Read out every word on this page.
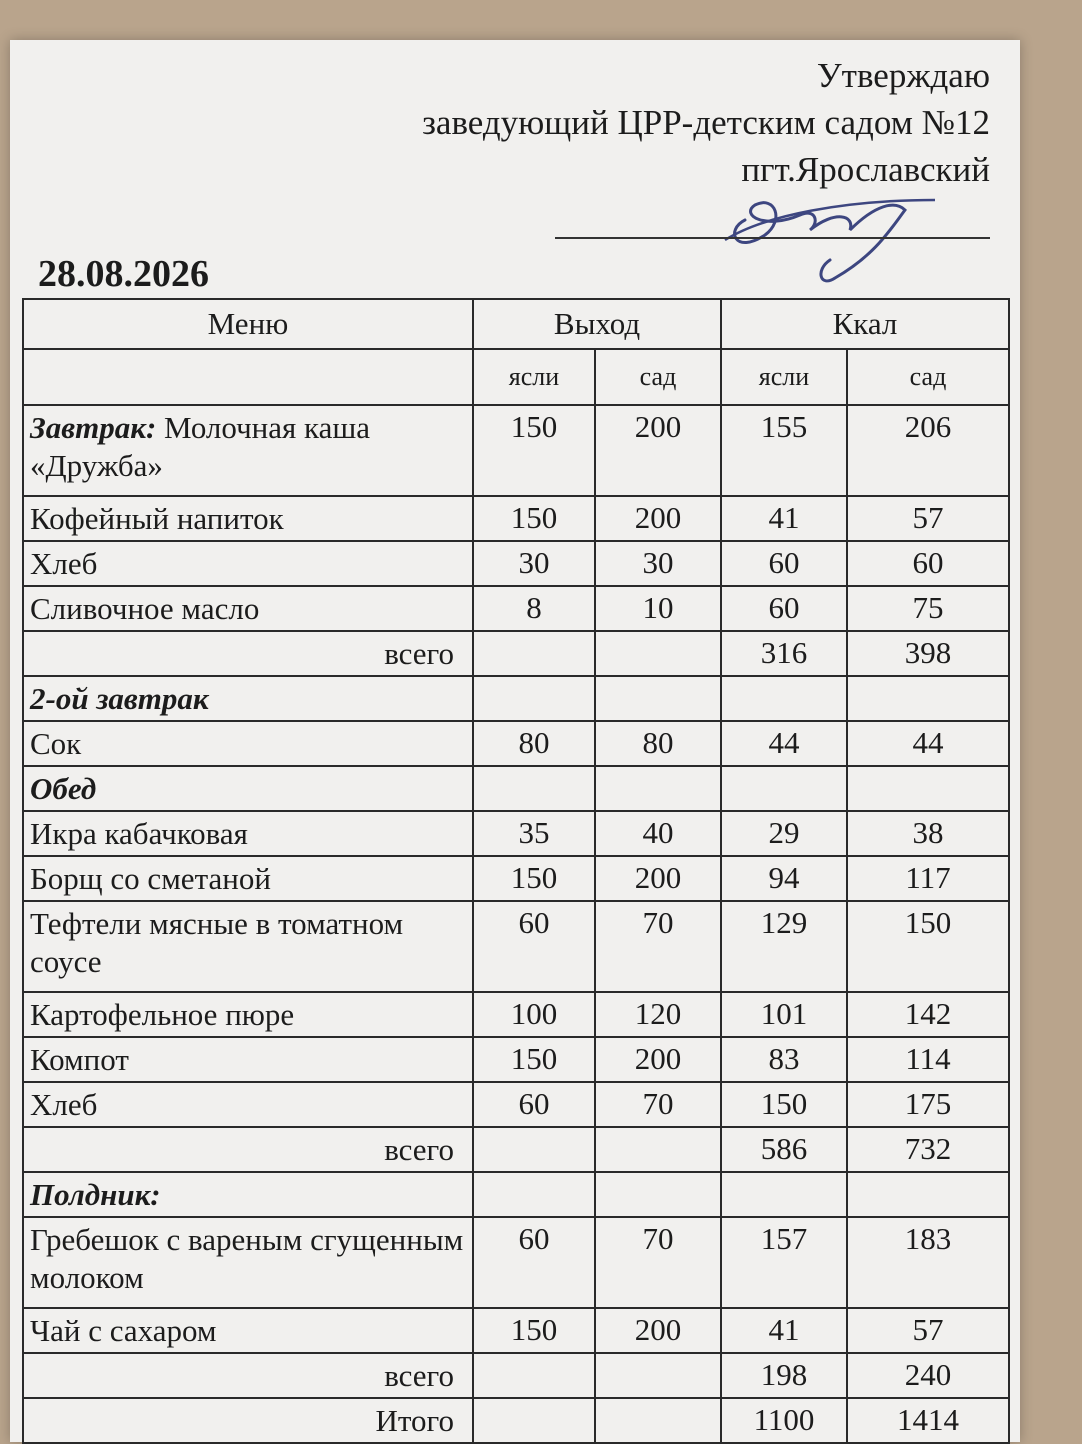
Утверждаю
заведующий ЦРР-детским садом №12
пгт.Ярославский
28.08.2026
Меню	Выход		Ккал	
	ясли	сад	ясли	сад
Завтрак: Молочная каша «Дружба»	150	200	155	206
Кофейный напиток	150	200	41	57
Хлеб	30	30	60	60
Сливочное масло	8	10	60	75
всего			316	398
2-ой завтрак				
Сок	80	80	44	44
Обед				
Икра кабачковая	35	40	29	38
Борщ со сметаной	150	200	94	117
Тефтели мясные в томатном соусе	60	70	129	150
Картофельное пюре	100	120	101	142
Компот	150	200	83	114
Хлеб	60	70	150	175
всего			586	732
Полдник:				
Гребешок с вареным сгущенным молоком	60	70	157	183
Чай с сахаром	150	200	41	57
всего			198	240
Итого			1100	1414
